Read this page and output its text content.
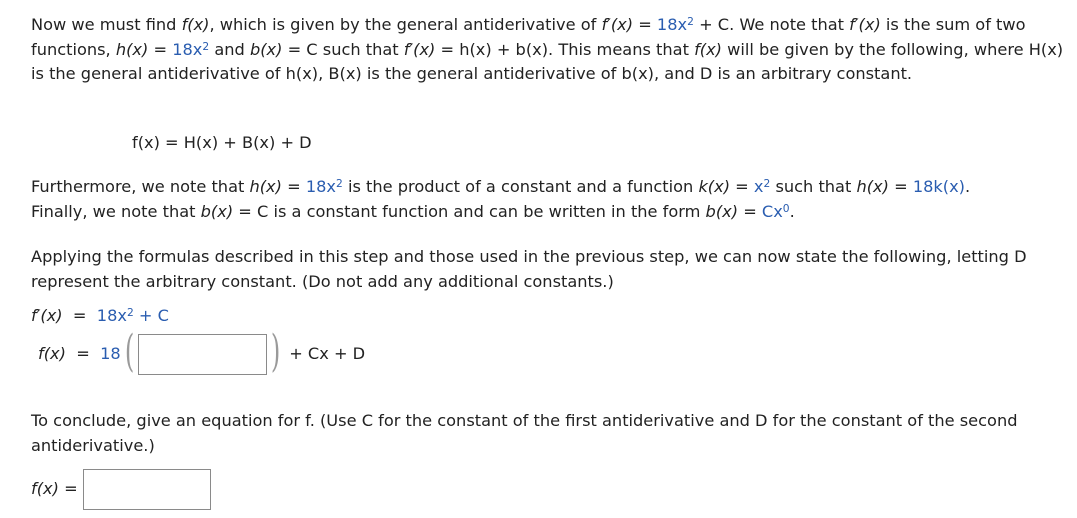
Now we must find f(x), which is given by the general antiderivative of $f'(x) = 18x^2 + C$. We note that f′(x) is the sum of two functions, $h(x) = 18x^2$ and b(x) = C such that f′(x) = h(x) + b(x). This means that f(x) will be given by the following, where H(x) is the general antiderivative of h(x), B(x) is the general antiderivative of b(x), and D is an arbitrary constant.
f(x) = H(x) + B(x) + D
Furthermore, we note that $h(x) = 18x^2$ is the product of a constant and a function $k(x) = x^2$ such that h(x) = 18k(x).
Finally, we note that b(x) = C is a constant function and can be written in the form $b(x) = Cx^0$.
Applying the formulas described in this step and those used in the previous step, we can now state the following, letting D represent the arbitrary constant. (Do not add any additional constants.)
$f'(x) = 18x^2 + C$
f(x) = 18(	) + Cx + D
To conclude, give an equation for f. (Use C for the constant of the first antiderivative and D for the constant of the second antiderivative.)
f(x) =
